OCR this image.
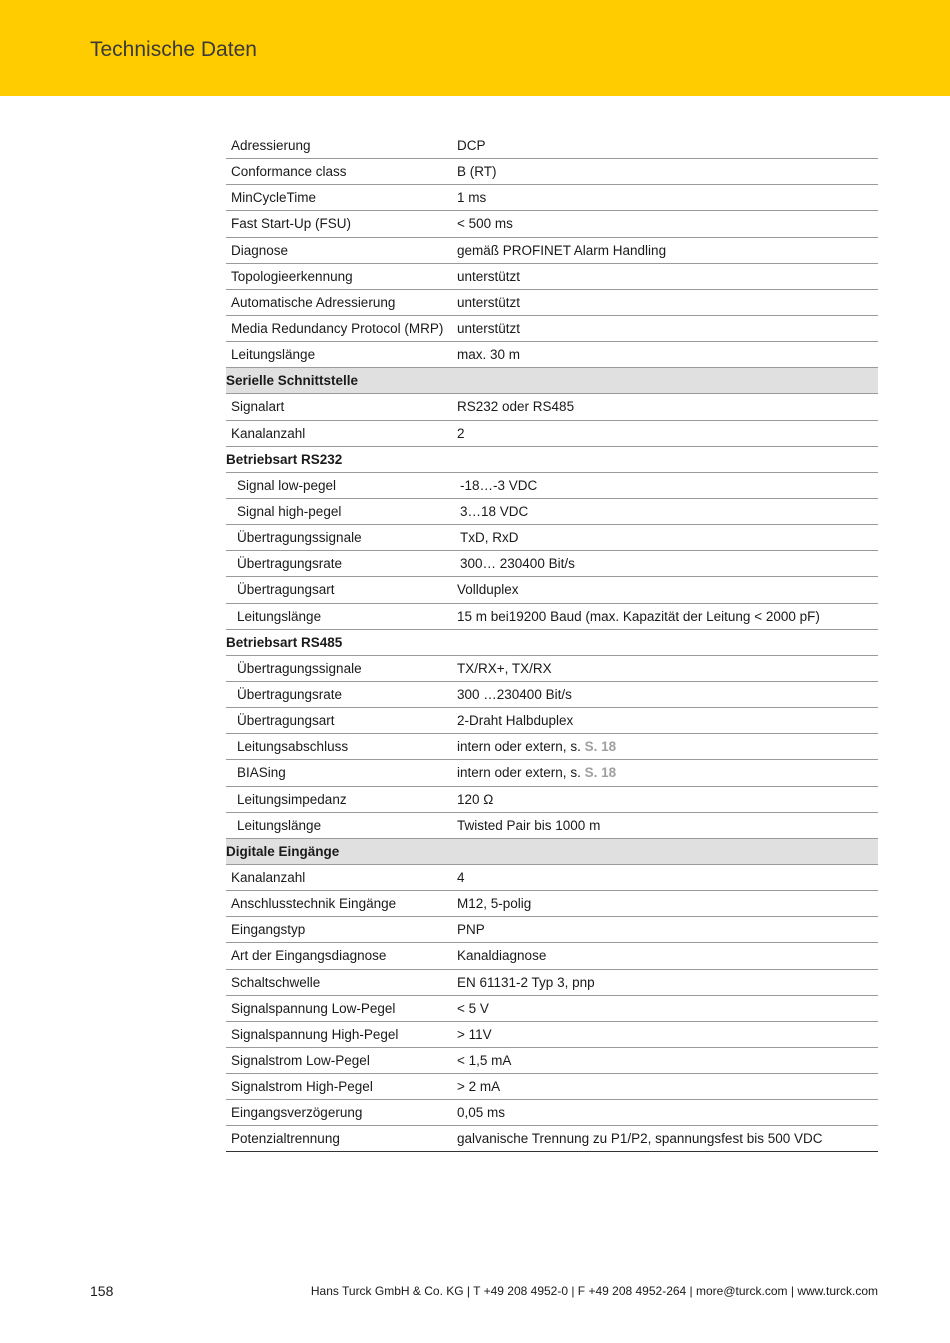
Technische Daten
Adressierung	DCP
Conformance class	B (RT)
MinCycleTime	1 ms
Fast Start-Up (FSU)	< 500 ms
Diagnose	gemäß PROFINET Alarm Handling
Topologieerkennung	unterstützt
Automatische Adressierung	unterstützt
Media Redundancy Protocol (MRP) unterstützt
Leitungslänge	max. 30 m
Serielle Schnittstelle
Signalart	RS232 oder RS485
Kanalanzahl	2
Betriebsart RS232
Signal low-pegel	-18…-3 VDC
Signal high-pegel	3…18 VDC
Übertragungssignale	TxD, RxD
Übertragungsrate	300… 230400 Bit/s
Übertragungsart	Vollduplex
Leitungslänge	15 m bei19200 Baud (max. Kapazität der Leitung < 2000 pF)
Betriebsart RS485
Übertragungssignale	TX/RX+, TX/RX
Übertragungsrate	300 …230400 Bit/s
Übertragungsart	2-Draht Halbduplex
Leitungsabschluss	intern oder extern, s. S. 18
BIASing	intern oder extern, s. S. 18
Leitungsimpedanz	120 Ω
Leitungslänge	Twisted Pair bis 1000 m
Digitale Eingänge
Kanalanzahl	4
Anschlusstechnik Eingänge	M12, 5-polig
Eingangstyp	PNP
Art der Eingangsdiagnose	Kanaldiagnose
Schaltschwelle	EN 61131-2 Typ 3, pnp
Signalspannung Low-Pegel	< 5 V
Signalspannung High-Pegel	> 11V
Signalstrom Low-Pegel	< 1,5 mA
Signalstrom High-Pegel	> 2 mA
Eingangsverzögerung	0,05 ms
Potenzialtrennung	galvanische Trennung zu P1/P2, spannungsfest bis 500 VDC
158	Hans Turck GmbH & Co. KG | T +49 208 4952-0 | F +49 208 4952-264 | more@turck.com | www.turck.com
